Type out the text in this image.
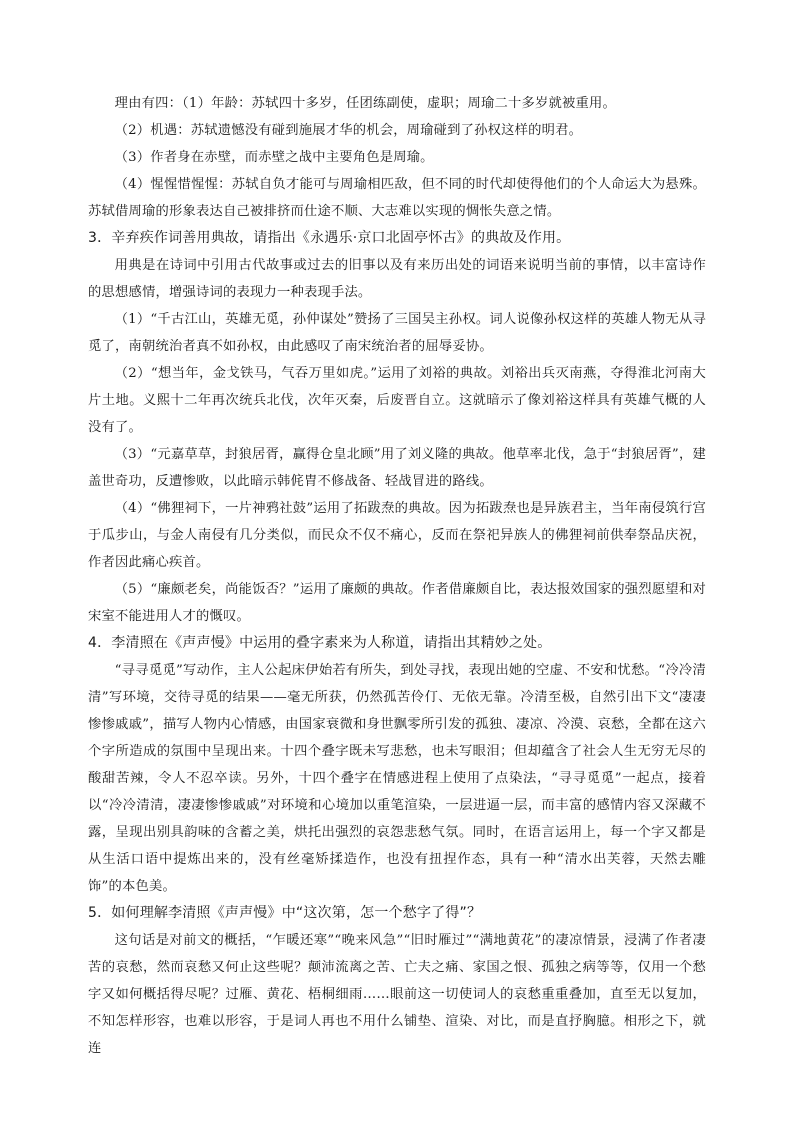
理由有四：（1）年龄：苏轼四十多岁，任团练副使，虚职；周瑜二十多岁就被重用。

（2）机遇：苏轼遗憾没有碰到施展才华的机会，周瑜碰到了孙权这样的明君。

（3）作者身在赤壁，而赤壁之战中主要角色是周瑜。

（4）惺惺惜惺惺：苏轼自负才能可与周瑜相匹敌，但不同的时代却使得他们的个人命运大为悬殊。苏轼借周瑜的形象表达自己被排挤而仕途不顺、大志难以实现的惆怅失意之情。

3．辛弃疾作词善用典故，请指出《永遇乐·京口北固亭怀古》的典故及作用。

用典是在诗词中引用古代故事或过去的旧事以及有来历出处的词语来说明当前的事情，以丰富诗作的思想感情，增强诗词的表现力一种表现手法。

（1）“千古江山，英雄无觅，孙仲谋处”赞扬了三国吴主孙权。词人说像孙权这样的英雄人物无从寻觅了，南朝统治者真不如孙权，由此感叹了南宋统治者的屈辱妥协。

（2）“想当年，金戈铁马，气吞万里如虎。”运用了刘裕的典故。刘裕出兵灭南燕，夺得淮北河南大片土地。义熙十二年再次统兵北伐，次年灭秦，后废晋自立。这就暗示了像刘裕这样具有英雄气概的人没有了。

（3）“元嘉草草，封狼居胥，赢得仓皇北顾”用了刘义隆的典故。他草率北伐，急于“封狼居胥”，建盖世奇功，反遭惨败，以此暗示韩侂胄不修战备、轻战冒进的路线。

（4）“佛狸祠下，一片神鸦社鼓”运用了拓跋焘的典故。因为拓跋焘也是异族君主，当年南侵筑行宫于瓜步山，与金人南侵有几分类似，而民众不仅不痛心，反而在祭祀异族人的佛狸祠前供奉祭品庆祝，作者因此痛心疾首。

（5）“廉颇老矣，尚能饭否？”运用了廉颇的典故。作者借廉颇自比，表达报效国家的强烈愿望和对宋室不能进用人才的慨叹。

4．李清照在《声声慢》中运用的叠字素来为人称道，请指出其精妙之处。

“寻寻觅觅”写动作，主人公起床伊始若有所失，到处寻找，表现出她的空虚、不安和忧愁。“冷冷清清”写环境，交待寻觅的结果——毫无所获，仍然孤苦伶仃、无依无靠。冷清至极，自然引出下文“凄凄惨惨戚戚”，描写人物内心情感，由国家衰微和身世飘零所引发的孤独、凄凉、冷漠、哀愁，全都在这六个字所造成的氛围中呈现出来。十四个叠字既未写悲愁，也未写眼泪；但却蕴含了社会人生无穷无尽的酸甜苦辣，令人不忍卒读。另外，十四个叠字在情感进程上使用了点染法，“寻寻觅觅”一起点，接着以“冷冷清清，凄凄惨惨戚戚”对环境和心境加以重笔渲染，一层进逼一层，而丰富的感情内容又深藏不露，呈现出别具韵味的含蓄之美，烘托出强烈的哀怨悲愁气氛。同时，在语言运用上，每一个字又都是从生活口语中提炼出来的，没有丝毫矫揉造作，也没有扭捏作态，具有一种“清水出芙蓉，天然去雕饰”的本色美。

5．如何理解李清照《声声慢》中“这次第，怎一个愁字了得”？

这句话是对前文的概括，“乍暖还寒”“晚来风急”“旧时雁过”“满地黄花”的凄凉情景，浸满了作者凄苦的哀愁，然而哀愁又何止这些呢？颠沛流离之苦、亡夫之痛、家国之恨、孤独之病等等，仅用一个愁字又如何概括得尽呢？过雁、黄花、梧桐细雨……眼前这一切使词人的哀愁重重叠加，直至无以复加，不知怎样形容，也难以形容，于是词人再也不用什么铺垫、渲染、对比，而是直抒胸臆。相形之下，就连
